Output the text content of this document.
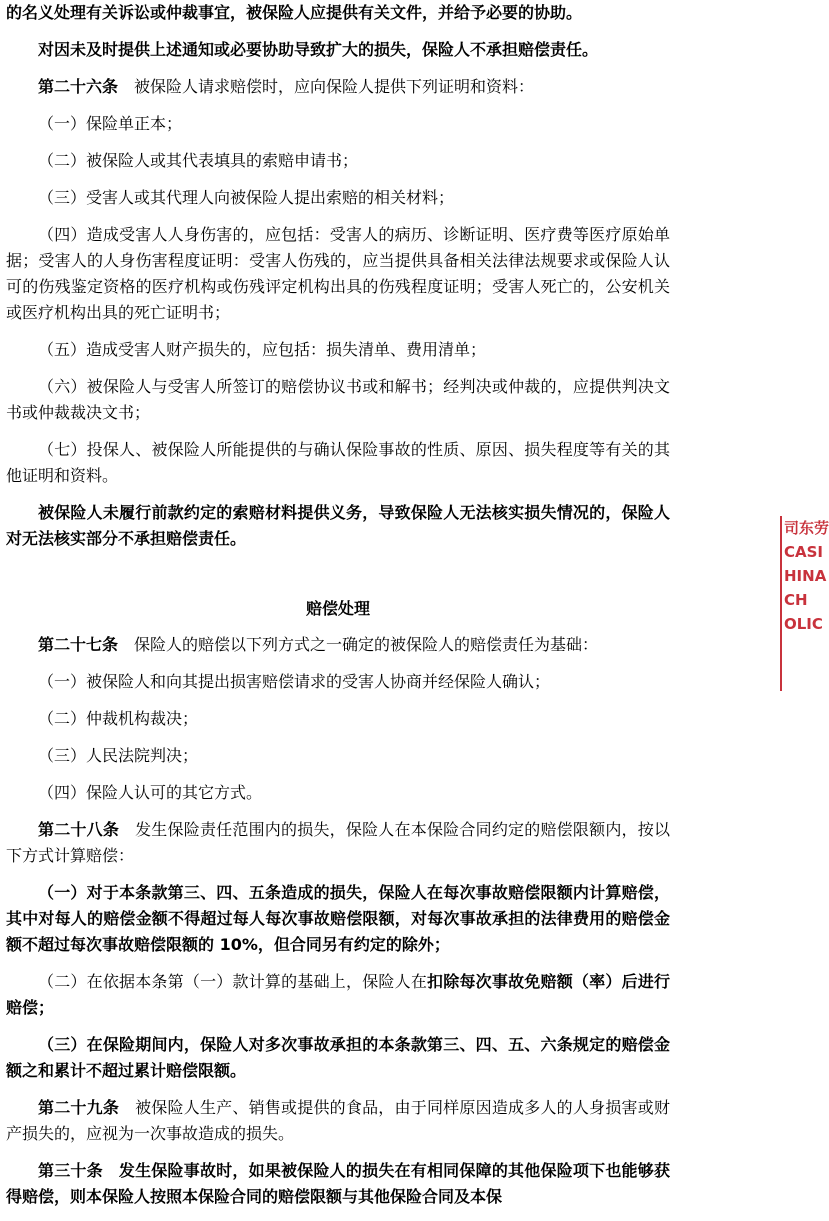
的名义处理有关诉讼或仲裁事宜，被保险人应提供有关文件，并给予必要的协助。

对因未及时提供上述通知或必要协助导致扩大的损失，保险人不承担赔偿责任。

第二十六条 被保险人请求赔偿时，应向保险人提供下列证明和资料：

（一）保险单正本；

（二）被保险人或其代表填具的索赔申请书；

（三）受害人或其代理人向被保险人提出索赔的相关材料；

（四）造成受害人人身伤害的，应包括：受害人的病历、诊断证明、医疗费等医疗原始单据；受害人的人身伤害程度证明：受害人伤残的，应当提供具备相关法律法规要求或保险人认可的伤残鉴定资格的医疗机构或伤残评定机构出具的伤残程度证明；受害人死亡的，公安机关或医疗机构出具的死亡证明书；

（五）造成受害人财产损失的，应包括：损失清单、费用清单；

（六）被保险人与受害人所签订的赔偿协议书或和解书；经判决或仲裁的，应提供判决文书或仲裁裁决文书；

（七）投保人、被保险人所能提供的与确认保险事故的性质、原因、损失程度等有关的其他证明和资料。

被保险人未履行前款约定的索赔材料提供义务，导致保险人无法核实损失情况的，保险人对无法核实部分不承担赔偿责任。

赔偿处理

第二十七条 保险人的赔偿以下列方式之一确定的被保险人的赔偿责任为基础：

（一）被保险人和向其提出损害赔偿请求的受害人协商并经保险人确认；

（二）仲裁机构裁决；

（三）人民法院判决；

（四）保险人认可的其它方式。

第二十八条 发生保险责任范围内的损失，保险人在本保险合同约定的赔偿限额内，按以下方式计算赔偿：

（一）对于本条款第三、四、五条造成的损失，保险人在每次事故赔偿限额内计算赔偿，其中对每人的赔偿金额不得超过每人每次事故赔偿限额，对每次事故承担的法律费用的赔偿金额不超过每次事故赔偿限额的 10%，但合同另有约定的除外；

（二）在依据本条第（一）款计算的基础上，保险人在扣除每次事故免赔额（率）后进行赔偿；

（三）在保险期间内，保险人对多次事故承担的本条款第三、四、五、六条规定的赔偿金额之和累计不超过累计赔偿限额。

第二十九条 被保险人生产、销售或提供的食品，由于同样原因造成多人的人身损害或财产损失的，应视为一次事故造成的损失。

第三十条 发生保险事故时，如果被保险人的损失在有相同保障的其他保险项下也能够获得赔偿，则本保险人按照本保险合同的赔偿限额与其他保险合同及本保

司东劳
CASI
HINA
CH
OLIC
